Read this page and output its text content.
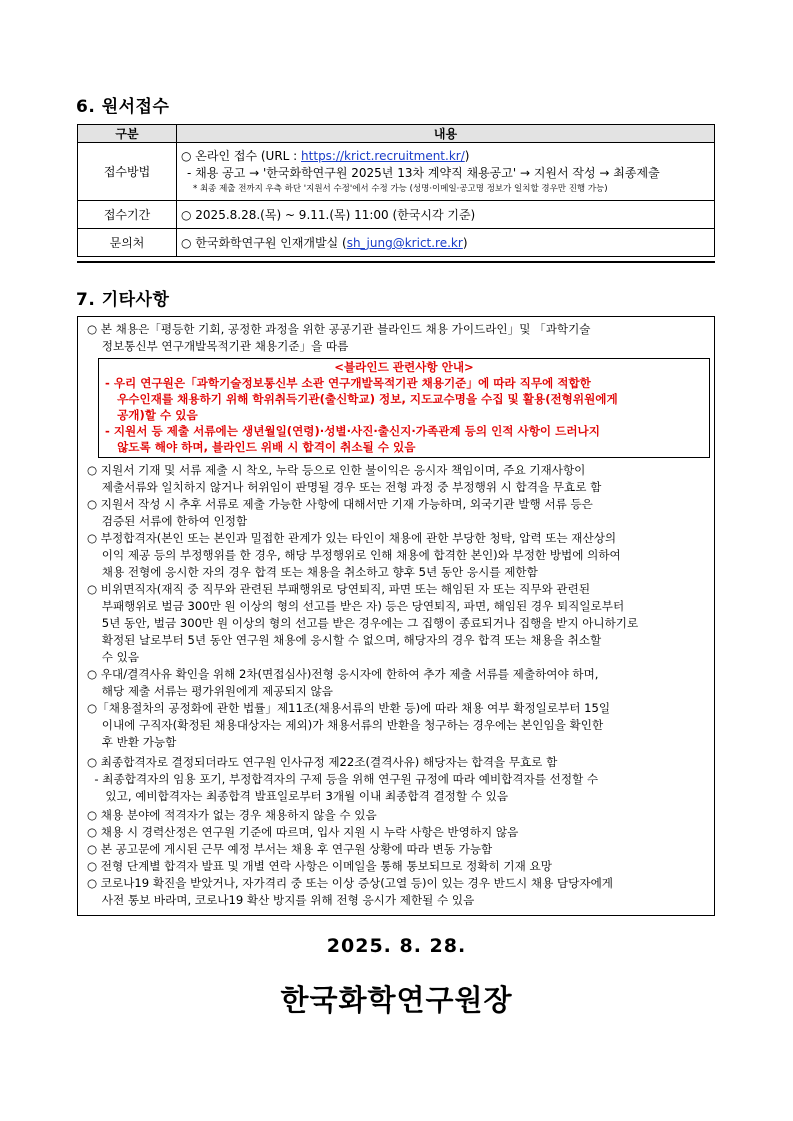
6. 원서접수
구분	내용
접수방법	○ 온라인 접수 (URL : https://krict.recruitment.kr/)
- 채용 공고 → '한국화학연구원 2025년 13차 계약직 채용공고' → 지원서 작성 → 최종제출
* 최종 제출 전까지 우측 하단 '지원서 수정'에서 수정 가능 (성명·이메일·공고명 정보가 일치할 경우만 진행 가능)

접수기간	○ 2025.8.28.(목) ~ 9.11.(목) 11:00 (한국시각 기준)
문의처	○ 한국화학연구원 인재개발실 (sh_jung@krict.re.kr)
7. 기타사항
○ 본 채용은「평등한 기회, 공정한 과정을 위한 공공기관 블라인드 채용 가이드라인」및 「과학기술
정보통신부 연구개발목적기관 채용기준」을 따름
<블라인드 관련사항 안내>
- 우리 연구원은「과학기술정보통신부 소관 연구개발목적기관 채용기준」에 따라 직무에 적합한
우수인재를 채용하기 위해 학위취득기관(출신학교) 정보, 지도교수명을 수집 및 활용(전형위원에게
공개)할 수 있음
- 지원서 등 제출 서류에는 생년월일(연령)·성별·사진·출신지·가족관계 등의 인적 사항이 드러나지
않도록 해야 하며, 블라인드 위배 시 합격이 취소될 수 있음
○ 지원서 기재 및 서류 제출 시 착오, 누락 등으로 인한 불이익은 응시자 책임이며, 주요 기재사항이
제출서류와 일치하지 않거나 허위임이 판명될 경우 또는 전형 과정 중 부정행위 시 합격을 무효로 함
○ 지원서 작성 시 추후 서류로 제출 가능한 사항에 대해서만 기재 가능하며, 외국기관 발행 서류 등은
검증된 서류에 한하여 인정함
○ 부정합격자(본인 또는 본인과 밀접한 관계가 있는 타인이 채용에 관한 부당한 청탁, 압력 또는 재산상의
이익 제공 등의 부정행위를 한 경우, 해당 부정행위로 인해 채용에 합격한 본인)와 부정한 방법에 의하여
채용 전형에 응시한 자의 경우 합격 또는 채용을 취소하고 향후 5년 동안 응시를 제한함
○ 비위면직자(재직 중 직무와 관련된 부패행위로 당연퇴직, 파면 또는 해임된 자 또는 직무와 관련된
부패행위로 벌금 300만 원 이상의 형의 선고를 받은 자) 등은 당연퇴직, 파면, 해임된 경우 퇴직일로부터
5년 동안, 벌금 300만 원 이상의 형의 선고를 받은 경우에는 그 집행이 종료되거나 집행을 받지 아니하기로
확정된 날로부터 5년 동안 연구원 채용에 응시할 수 없으며, 해당자의 경우 합격 또는 채용을 취소할
수 있음
○ 우대/결격사유 확인을 위해 2차(면접심사)전형 응시자에 한하여 추가 제출 서류를 제출하여야 하며,
해당 제출 서류는 평가위원에게 제공되지 않음
○「채용절차의 공정화에 관한 법률」제11조(채용서류의 반환 등)에 따라 채용 여부 확정일로부터 15일
이내에 구직자(확정된 채용대상자는 제외)가 채용서류의 반환을 청구하는 경우에는 본인임을 확인한
후 반환 가능함
○ 최종합격자로 결정되더라도 연구원 인사규정 제22조(결격사유) 해당자는 합격을 무효로 함
- 최종합격자의 임용 포기, 부정합격자의 구제 등을 위해 연구원 규정에 따라 예비합격자를 선정할 수
있고, 예비합격자는 최종합격 발표일로부터 3개월 이내 최종합격 결정할 수 있음
○ 채용 분야에 적격자가 없는 경우 채용하지 않을 수 있음
○ 채용 시 경력산정은 연구원 기준에 따르며, 입사 지원 시 누락 사항은 반영하지 않음
○ 본 공고문에 게시된 근무 예정 부서는 채용 후 연구원 상황에 따라 변동 가능함
○ 전형 단계별 합격자 발표 및 개별 연락 사항은 이메일을 통해 통보되므로 정확히 기재 요망
○ 코로나19 확진을 받았거나, 자가격리 중 또는 이상 증상(고열 등)이 있는 경우 반드시 채용 담당자에게
사전 통보 바라며, 코로나19 확산 방지를 위해 전형 응시가 제한될 수 있음
2025. 8. 28.
한국화학연구원장
